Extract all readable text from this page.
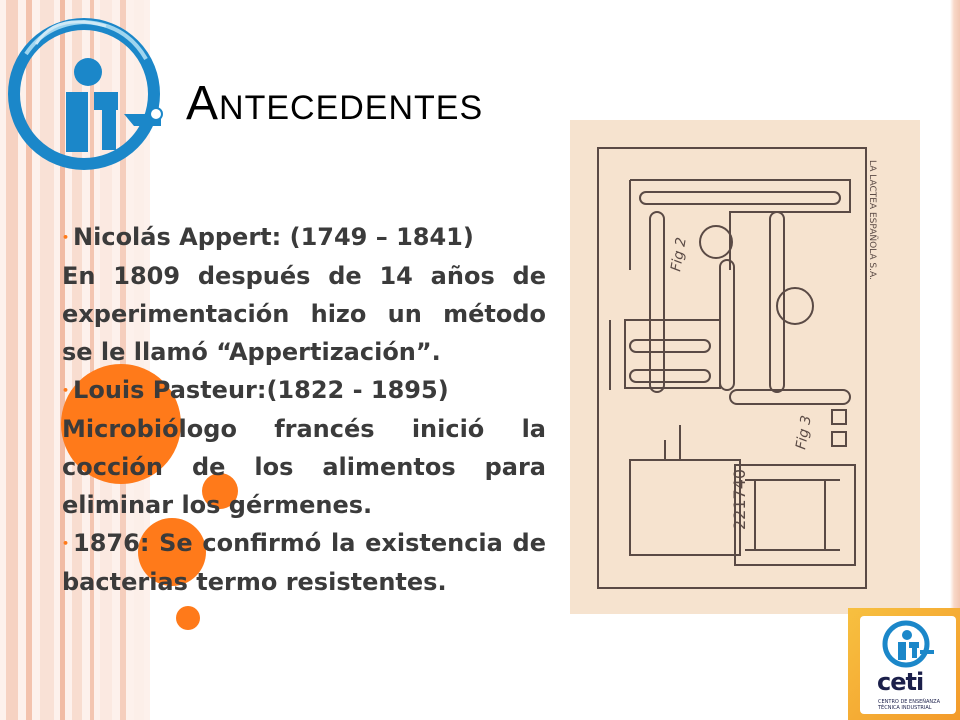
Antecedentes

• Nicolás Appert: (1749 – 1841)

En 1809 después de 14 años de experimentación hizo un método se le llamó “Appertización”.

• Louis Pasteur:(1822 - 1895)

Microbiólogo francés inició la cocción de los alimentos para eliminar los gérmenes.

• 1876: Se confirmó la existencia de bacterias termo resistentes.

Fig 2
Fig 3
221740
LA LACTEA ESPAÑOLA S.A.
ceti
CENTRO DE ENSEÑANZA TÉCNICA INDUSTRIAL
